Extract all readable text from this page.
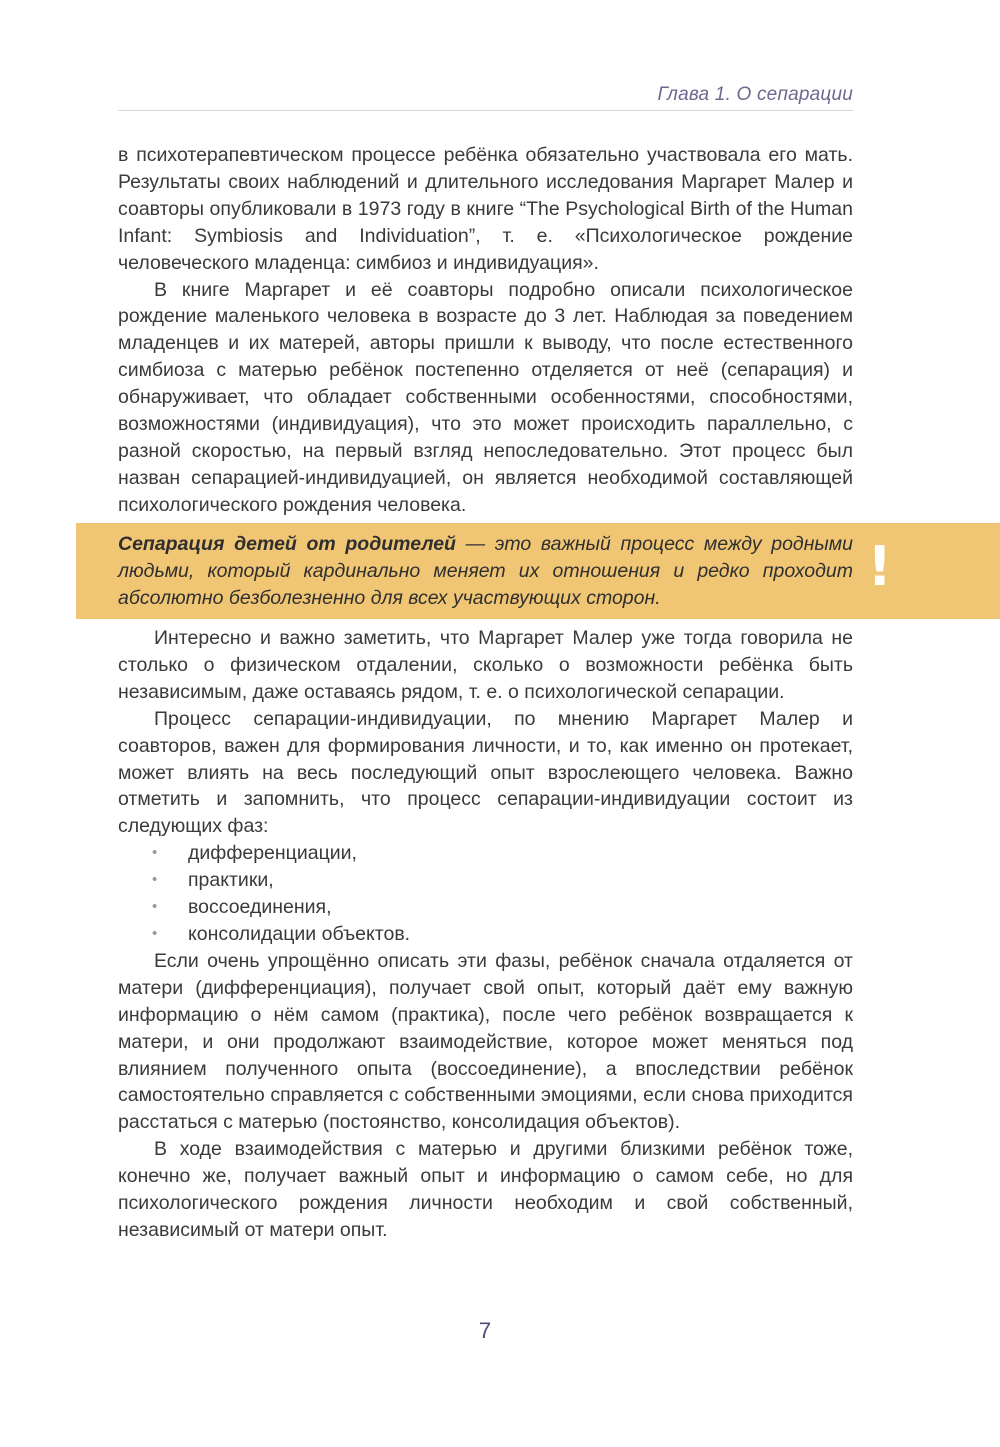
Глава 1. О сепарации

в психотерапевтическом процессе ребёнка обязательно участвовала его мать. Результаты своих наблюдений и длительного исследования Маргарет Малер и соавторы опубликовали в 1973 году в книге “The Psychological Birth of the Human Infant: Symbiosis and Individuation”, т. е. «Психологическое рождение человеческого младенца: симбиоз и индивидуация».

В книге Маргарет и её соавторы подробно описали психологическое рождение маленького человека в возрасте до 3 лет. Наблюдая за поведением младенцев и их матерей, авторы пришли к выводу, что после естественного симбиоза с матерью ребёнок постепенно отделяется от неё (сепарация) и обнаруживает, что обладает собственными особенностями, способностями, возможностями (индивидуация), что это может происходить параллельно, с разной скоростью, на первый взгляд непоследовательно. Этот процесс был назван сепарацией-индивидуацией, он является необходимой составляющей психологического рождения человека.

Сепарация детей от родителей — это важный процесс между родными людьми, который кардинально меняет их отношения и редко проходит абсолютно безболезненно для всех участвующих сторон.	!

Интересно и важно заметить, что Маргарет Малер уже тогда говорила не столько о физическом отдалении, сколько о возможности ребёнка быть независимым, даже оставаясь рядом, т. е. о психологической сепарации.

Процесс сепарации-индивидуации, по мнению Маргарет Малер и соавторов, важен для формирования личности, и то, как именно он протекает, может влиять на весь последующий опыт взрослеющего человека. Важно отметить и запомнить, что процесс сепарации-индивидуации состоит из следующих фаз:

• дифференциации,
• практики,
• воссоединения,
• консолидации объектов.

Если очень упрощённо описать эти фазы, ребёнок сначала отдаляется от матери (дифференциация), получает свой опыт, который даёт ему важную информацию о нём самом (практика), после чего ребёнок возвращается к матери, и они продолжают взаимодействие, которое может меняться под влиянием полученного опыта (воссоединение), а впоследствии ребёнок самостоятельно справляется с собственными эмоциями, если снова приходится расстаться с матерью (постоянство, консолидация объектов).

В ходе взаимодействия с матерью и другими близкими ребёнок тоже, конечно же, получает важный опыт и информацию о самом себе, но для психологического рождения личности необходим и свой собственный, независимый от матери опыт.

7
